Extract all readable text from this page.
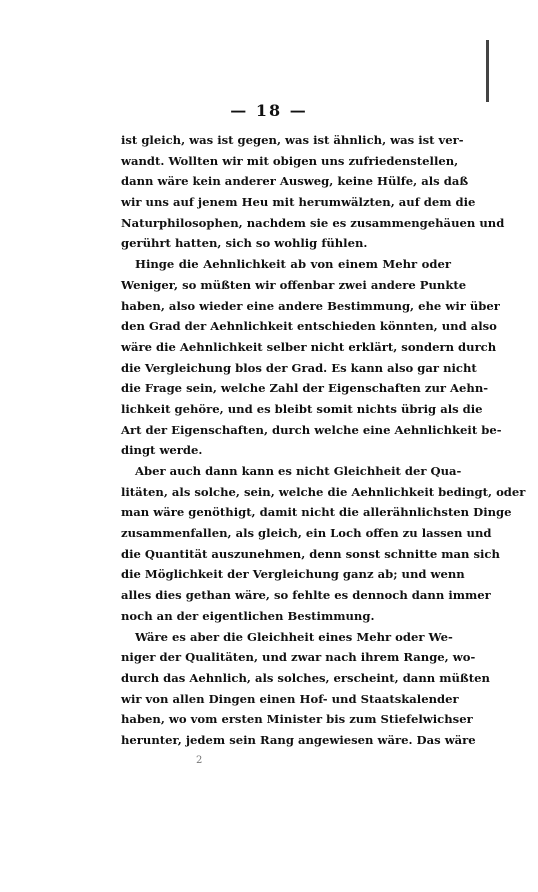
— 18 —
ist gleich, was ist gegen, was ist ähnlich, was ist ver-
wandt. Wollten wir mit obigen uns zufriedenstellen,
dann wäre kein anderer Ausweg, keine Hülfe, als daß
wir uns auf jenem Heu mit herumwälzten, auf dem die
Naturphilosophen, nachdem sie es zusammengehäuen und
gerührt hatten, sich so wohlig fühlen.
Hinge die Aehnlichkeit ab von einem Mehr oder
Weniger, so müßten wir offenbar zwei andere Punkte
haben, also wieder eine andere Bestimmung, ehe wir über
den Grad der Aehnlichkeit entschieden könnten, und also
wäre die Aehnlichkeit selber nicht erklärt, sondern durch
die Vergleichung blos der Grad. Es kann also gar nicht
die Frage sein, welche Zahl der Eigenschaften zur Aehn-
lichkeit gehöre, und es bleibt somit nichts übrig als die
Art der Eigenschaften, durch welche eine Aehnlichkeit be-
dingt werde.
Aber auch dann kann es nicht Gleichheit der Qua-
litäten, als solche, sein, welche die Aehnlichkeit bedingt, oder
man wäre genöthigt, damit nicht die allerähnlichsten Dinge
zusammenfallen, als gleich, ein Loch offen zu lassen und
die Quantität auszunehmen, denn sonst schnitte man sich
die Möglichkeit der Vergleichung ganz ab; und wenn
alles dies gethan wäre, so fehlte es dennoch dann immer
noch an der eigentlichen Bestimmung.
Wäre es aber die Gleichheit eines Mehr oder We-
niger der Qualitäten, und zwar nach ihrem Range, wo-
durch das Aehnlich, als solches, erscheint, dann müßten
wir von allen Dingen einen Hof- und Staatskalender
haben, wo vom ersten Minister bis zum Stiefelwichser
herunter, jedem sein Rang angewiesen wäre. Das wäre
2
